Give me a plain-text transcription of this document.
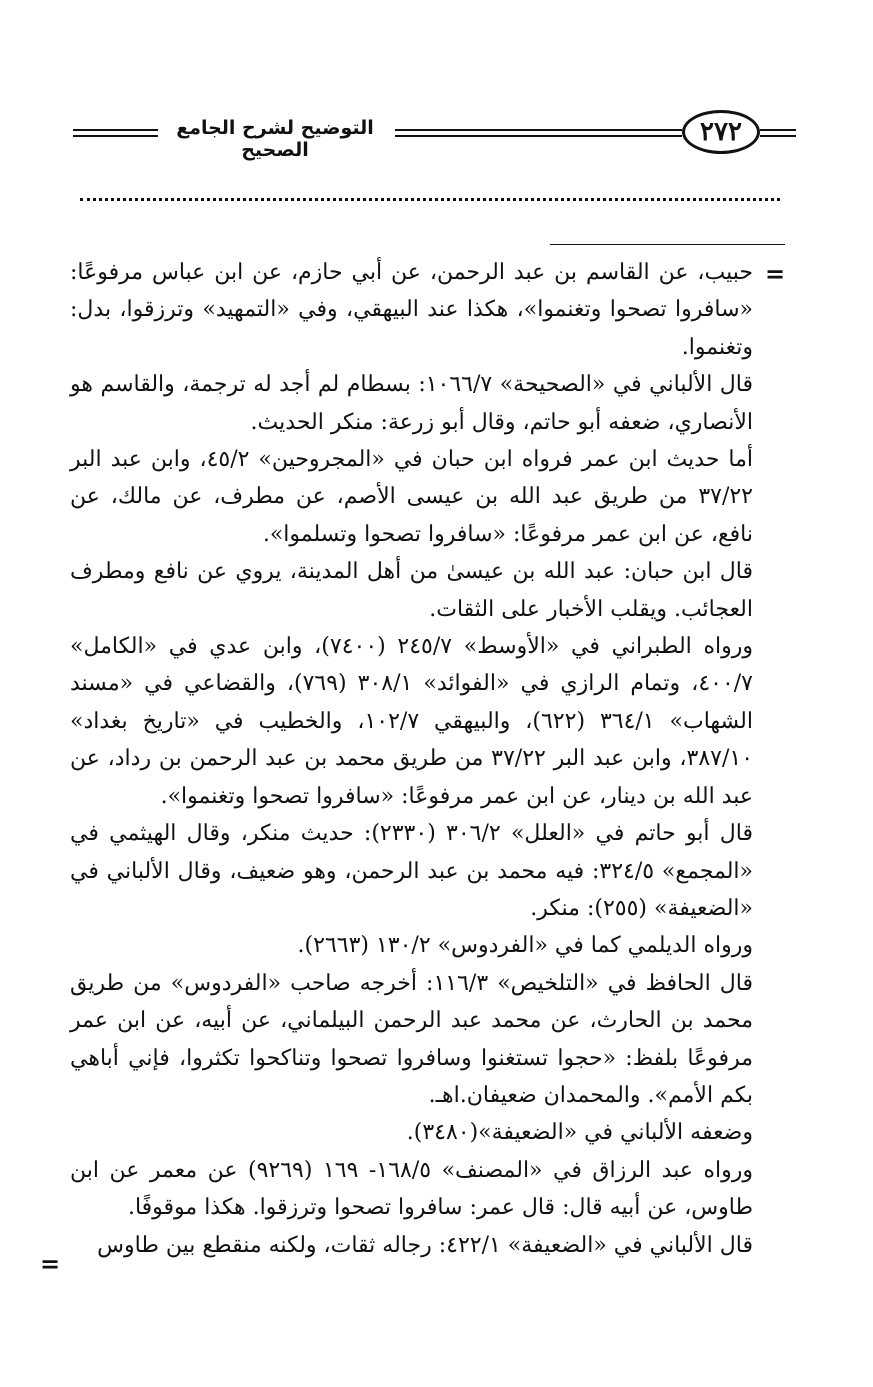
٢٧٢
التوضيح لشرح الجامع الصحيح
=
=

حبيب، عن القاسم بن عبد الرحمن، عن أبي حازم، عن ابن عباس مرفوعًا: «سافروا تصحوا وتغنموا»، هكذا عند البيهقي، وفي «التمهيد» وترزقوا، بدل: وتغنموا.

قال الألباني في «الصحيحة» ١٠٦٦/٧: بسطام لم أجد له ترجمة، والقاسم هو الأنصاري، ضعفه أبو حاتم، وقال أبو زرعة: منكر الحديث.

أما حديث ابن عمر فرواه ابن حبان في «المجروحين» ٤٥/٢، وابن عبد البر ٣٧/٢٢ من طريق عبد الله بن عيسى الأصم، عن مطرف، عن مالك، عن نافع، عن ابن عمر مرفوعًا: «سافروا تصحوا وتسلموا».

قال ابن حبان: عبد الله بن عيسىٰ من أهل المدينة، يروي عن نافع ومطرف العجائب. ويقلب الأخبار على الثقات.

ورواه الطبراني في «الأوسط» ٢٤٥/٧ (٧٤٠٠)، وابن عدي في «الكامل» ٤٠٠/٧، وتمام الرازي في «الفوائد» ٣٠٨/١ (٧٦٩)، والقضاعي في «مسند الشهاب» ٣٦٤/١ (٦٢٢)، والبيهقي ١٠٢/٧، والخطيب في «تاريخ بغداد» ٣٨٧/١٠، وابن عبد البر ٣٧/٢٢ من طريق محمد بن عبد الرحمن بن رداد، عن عبد الله بن دينار، عن ابن عمر مرفوعًا: «سافروا تصحوا وتغنموا».

قال أبو حاتم في «العلل» ٣٠٦/٢ (٢٣٣٠): حديث منكر، وقال الهيثمي في «المجمع» ٣٢٤/٥: فيه محمد بن عبد الرحمن، وهو ضعيف، وقال الألباني في «الضعيفة» (٢٥٥): منكر.

ورواه الديلمي كما في «الفردوس» ١٣٠/٢ (٢٦٦٣).

قال الحافظ في «التلخيص» ١١٦/٣: أخرجه صاحب «الفردوس» من طريق محمد بن الحارث، عن محمد عبد الرحمن البيلماني، عن أبيه، عن ابن عمر مرفوعًا بلفظ: «حجوا تستغنوا وسافروا تصحوا وتناكحوا تكثروا، فإني أباهي بكم الأمم». والمحمدان ضعيفان.اهـ.

وضعفه الألباني في «الضعيفة»(٣٤٨٠).

ورواه عبد الرزاق في «المصنف» ١٦٨/٥- ١٦٩ (٩٢٦٩) عن معمر عن ابن طاوس، عن أبيه قال: قال عمر: سافروا تصحوا وترزقوا. هكذا موقوفًا.

قال الألباني في «الضعيفة» ٤٢٢/١: رجاله ثقات، ولكنه منقطع بين طاوس
